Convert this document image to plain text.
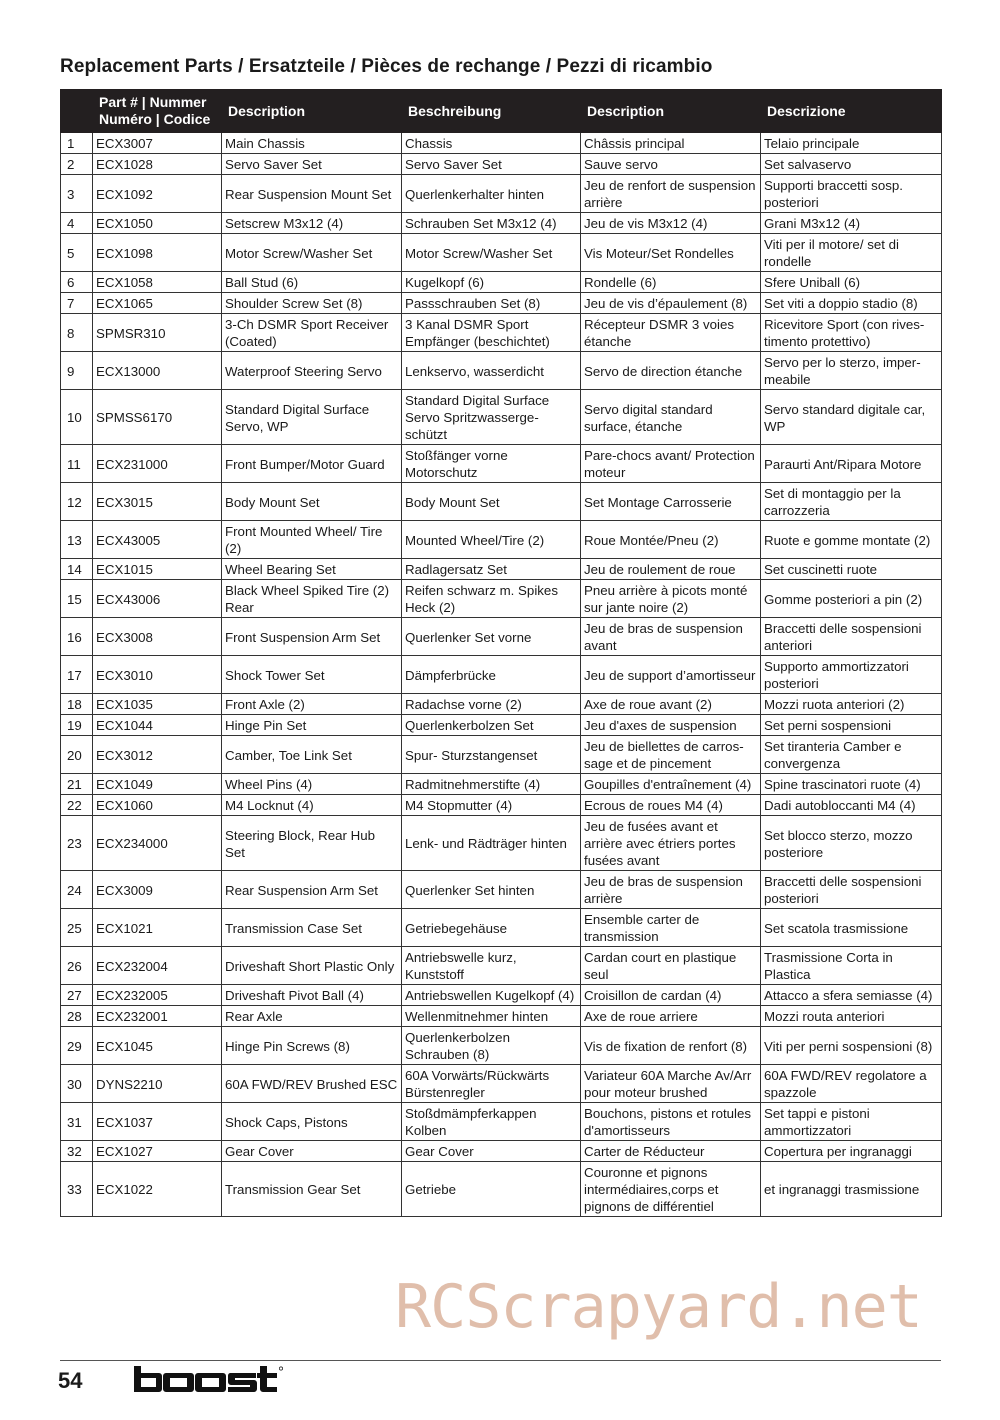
Replacement Parts / Ersatzteile / Pièces de rechange / Pezzi di ricambio

	Part # | Nummer
Numéro | Codice	Description	Beschreibung	Description	Descrizione
1	ECX3007	Main Chassis	Chassis	Châssis principal	Telaio principale
2	ECX1028	Servo Saver Set	Servo Saver Set	Sauve servo	Set salvaservo
3	ECX1092	Rear Suspension Mount Set	Querlenkerhalter hinten	Jeu de renfort de suspension arrière	Supporti braccetti sosp. posteriori
4	ECX1050	Setscrew M3x12 (4)	Schrauben Set M3x12 (4)	Jeu de vis M3x12 (4)	Grani M3x12 (4)
5	ECX1098	Motor Screw/Washer Set	Motor Screw/Washer Set	Vis Moteur/Set Rondelles	Viti per il motore/ set di rondelle
6	ECX1058	Ball Stud (6)	Kugelkopf (6)	Rondelle (6)	Sfere Uniball (6)
7	ECX1065	Shoulder Screw Set (8)	Passschrauben Set (8)	Jeu de vis d’épaulement (8)	Set viti a doppio stadio (8)
8	SPMSR310	3-Ch DSMR Sport Receiver (Coated)	3 Kanal DSMR Sport Empfänger (beschichtet)	Récepteur DSMR 3 voies étanche	Ricevitore Sport (con rives-timento protettivo)
9	ECX13000	Waterproof Steering Servo	Lenkservo, wasserdicht	Servo de direction étanche	Servo per lo sterzo, imper-meabile
10	SPMSS6170	Standard Digital Surface Servo, WP	Standard Digital Surface Servo Spritzwasserge-schützt	Servo digital standard surface, étanche	Servo standard digitale car, WP
11	ECX231000	Front Bumper/Motor Guard	Stoßfänger vorne Motorschutz	Pare-chocs avant/ Protection moteur	Paraurti Ant/Ripara Motore
12	ECX3015	Body Mount Set	Body Mount Set	Set Montage Carrosserie	Set di montaggio per la carrozzeria
13	ECX43005	Front Mounted Wheel/ Tire (2)	Mounted Wheel/Tire (2)	Roue Montée/Pneu (2)	Ruote e gomme montate (2)
14	ECX1015	Wheel Bearing Set	Radlagersatz Set	Jeu de roulement de roue	Set cuscinetti ruote
15	ECX43006	Black Wheel Spiked Tire (2) Rear	Reifen schwarz m. Spikes Heck (2)	Pneu arrière à picots monté sur jante noire (2)	Gomme posteriori a pin (2)
16	ECX3008	Front Suspension Arm Set	Querlenker Set vorne	Jeu de bras de suspension avant	Braccetti delle sospensioni anteriori
17	ECX3010	Shock Tower Set	Dämpferbrücke	Jeu de support d’amortisseur	Supporto ammortizzatori posteriori
18	ECX1035	Front Axle (2)	Radachse vorne (2)	Axe de roue avant (2)	Mozzi ruota anteriori (2)
19	ECX1044	Hinge Pin Set	Querlenkerbolzen Set	Jeu d'axes de suspension	Set perni sospensioni
20	ECX3012	Camber, Toe Link Set	Spur- Sturzstangenset	Jeu de biellettes de carros-sage et de pincement	Set tiranteria Camber e convergenza
21	ECX1049	Wheel Pins (4)	Radmitnehmerstifte (4)	Goupilles d'entraînement (4)	Spine trascinatori ruote (4)
22	ECX1060	M4 Locknut (4)	M4 Stopmutter (4)	Ecrous de roues M4 (4)	Dadi autobloccanti M4 (4)
23	ECX234000	Steering Block, Rear Hub Set	Lenk- und Rädträger hinten	Jeu de fusées avant et arrière avec étriers portes fusées avant	Set blocco sterzo, mozzo posteriore
24	ECX3009	Rear Suspension Arm Set	Querlenker Set hinten	Jeu de bras de suspension arrière	Braccetti delle sospensioni posteriori
25	ECX1021	Transmission Case Set	Getriebegehäuse	Ensemble carter de transmission	Set scatola trasmissione
26	ECX232004	Driveshaft Short Plastic Only	Antriebswelle kurz, Kunststoff	Cardan court en plastique seul	Trasmissione Corta in Plastica
27	ECX232005	Driveshaft Pivot Ball (4)	Antriebswellen Kugelkopf (4)	Croisillon de cardan (4)	Attacco a sfera semiasse (4)
28	ECX232001	Rear Axle	Wellenmitnehmer hinten	Axe de roue arriere	Mozzi routa anteriori
29	ECX1045	Hinge Pin Screws (8)	Querlenkerbolzen Schrauben (8)	Vis de fixation de renfort (8)	Viti per perni sospensioni (8)
30	DYNS2210	60A FWD/REV Brushed ESC	60A Vorwärts/Rückwärts Bürstenregler	Variateur 60A Marche Av/Arr pour moteur brushed	60A FWD/REV regolatore a spazzole
31	ECX1037	Shock Caps, Pistons	Stoßdmämpferkappen Kolben	Bouchons, pistons et rotules d'amortisseurs	Set tappi e pistoni ammortizzatori
32	ECX1027	Gear Cover	Gear Cover	Carter de Réducteur	Copertura per ingranaggi
33	ECX1022	Transmission Gear Set	Getriebe	Couronne et pignons intermédiaires,corps et pignons de différentiel	et ingranaggi trasmissione
RCScrapyard.net
54
